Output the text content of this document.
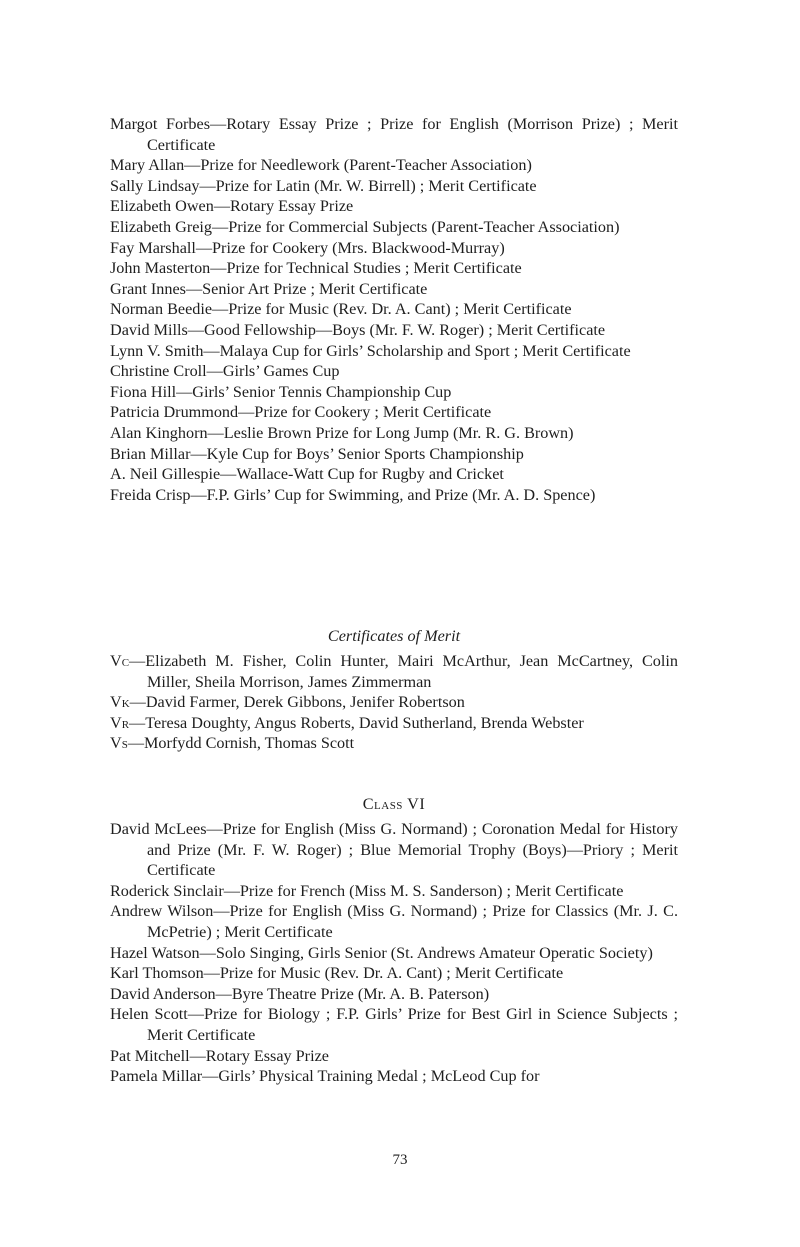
Margot Forbes—Rotary Essay Prize ; Prize for English (Morrison Prize) ; Merit Certificate

Mary Allan—Prize for Needlework (Parent-Teacher Association)

Sally Lindsay—Prize for Latin (Mr. W. Birrell) ; Merit Certificate

Elizabeth Owen—Rotary Essay Prize

Elizabeth Greig—Prize for Commercial Subjects (Parent-Teacher Association)

Fay Marshall—Prize for Cookery (Mrs. Blackwood-Murray)

John Masterton—Prize for Technical Studies ; Merit Certificate

Grant Innes—Senior Art Prize ; Merit Certificate

Norman Beedie—Prize for Music (Rev. Dr. A. Cant) ; Merit Certificate

David Mills—Good Fellowship—Boys (Mr. F. W. Roger) ; Merit Certificate

Lynn V. Smith—Malaya Cup for Girls’ Scholarship and Sport ; Merit Certificate

Christine Croll—Girls’ Games Cup

Fiona Hill—Girls’ Senior Tennis Championship Cup

Patricia Drummond—Prize for Cookery ; Merit Certificate

Alan Kinghorn—Leslie Brown Prize for Long Jump (Mr. R. G. Brown)

Brian Millar—Kyle Cup for Boys’ Senior Sports Championship

A. Neil Gillespie—Wallace-Watt Cup for Rugby and Cricket

Freida Crisp—F.P. Girls’ Cup for Swimming, and Prize (Mr. A. D. Spence)

Certificates of Merit

Vc—Elizabeth M. Fisher, Colin Hunter, Mairi McArthur, Jean McCartney, Colin Miller, Sheila Morrison, James Zimmerman

Vk—David Farmer, Derek Gibbons, Jenifer Robertson

Vr—Teresa Doughty, Angus Roberts, David Sutherland, Brenda Webster

Vs—Morfydd Cornish, Thomas Scott

Class VI

David McLees—Prize for English (Miss G. Normand) ; Coronation Medal for History and Prize (Mr. F. W. Roger) ; Blue Memorial Trophy (Boys)—Priory ; Merit Certificate

Roderick Sinclair—Prize for French (Miss M. S. Sanderson) ; Merit Certificate

Andrew Wilson—Prize for English (Miss G. Normand) ; Prize for Classics (Mr. J. C. McPetrie) ; Merit Certificate

Hazel Watson—Solo Singing, Girls Senior (St. Andrews Amateur Operatic Society)

Karl Thomson—Prize for Music (Rev. Dr. A. Cant) ; Merit Certificate

David Anderson—Byre Theatre Prize (Mr. A. B. Paterson)

Helen Scott—Prize for Biology ; F.P. Girls’ Prize for Best Girl in Science Subjects ; Merit Certificate

Pat Mitchell—Rotary Essay Prize

Pamela Millar—Girls’ Physical Training Medal ; McLeod Cup for

73
